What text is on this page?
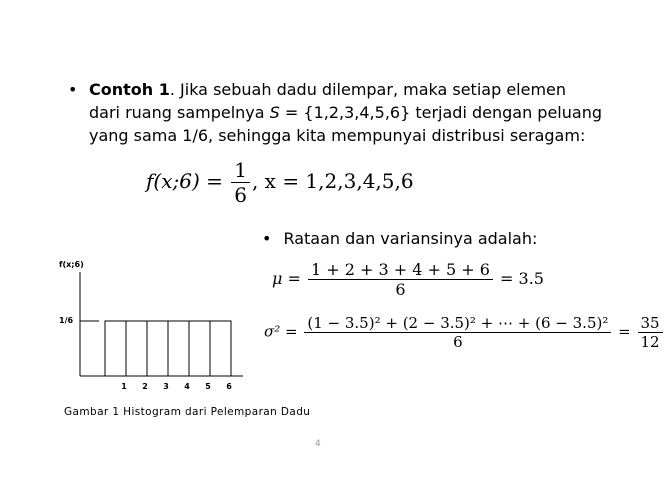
• Contoh 1. Jika sebuah dadu dilempar, maka setiap elemen
dari ruang sampelnya S = {1,2,3,4,5,6} terjadi dengan peluang
yang sama 1/6, sehingga kita mempunyai distribusi seragam:
f(x;6) = $\frac{1}{6}$ , x = 1,2,3,4,5,6
• Rataan dan variansinya adalah:
$\mu = \frac{1 + 2 + 3 + 4 + 5 + 6}{6} = 3.5$
$\sigma^2 = \frac{\text{(1 − 3.5)² + (2 − 3.5)² + ⋯ + (6 − 3.5)²}}{6} = \frac{35}{12}$
f(x;6)
1/6
1 2 3 4 5 6
Gambar 1 Histogram dari Pelemparan Dadu
4
